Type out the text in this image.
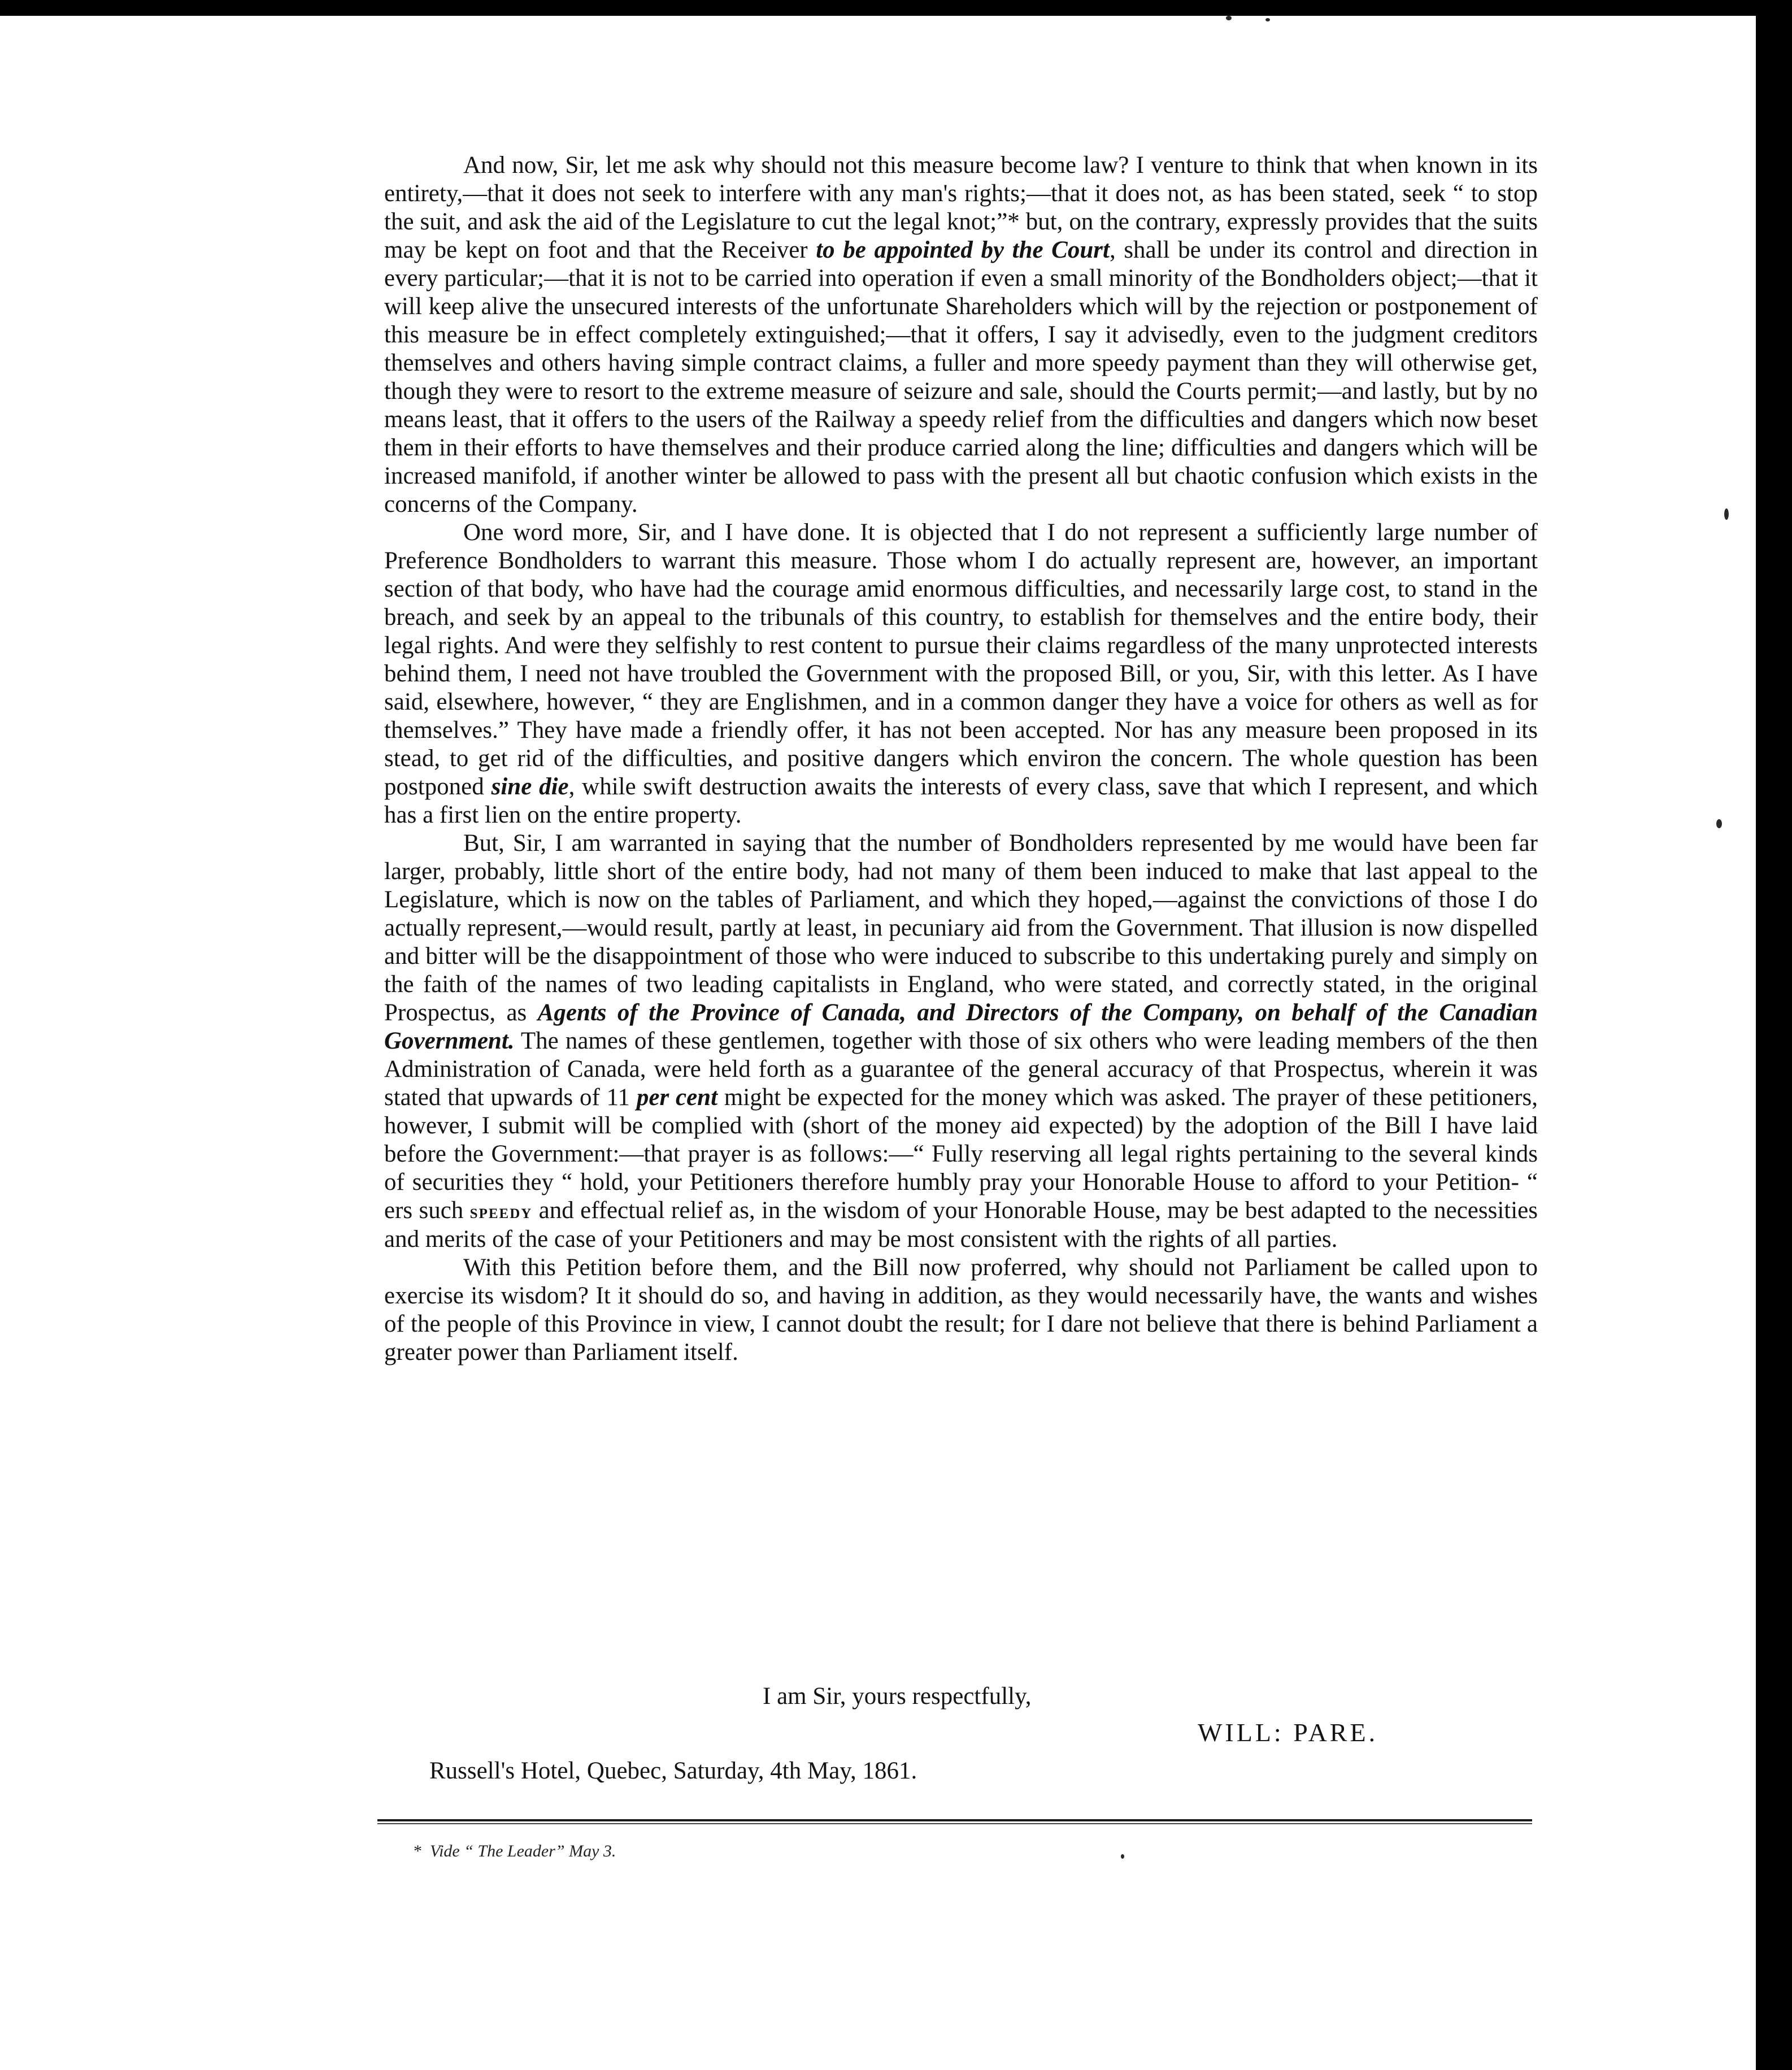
And now, Sir, let me ask why should not this measure become law? I venture to think that when known in its entirety,—that it does not seek to interfere with any man's rights;—that it does not, as has been stated, seek “ to stop the suit, and ask the aid of the Legislature to cut the legal knot;”* but, on the contrary, expressly provides that the suits may be kept on foot and that the Receiver to be appointed by the Court, shall be under its control and direction in every particular;—that it is not to be carried into operation if even a small minority of the Bondholders object;—that it will keep alive the unsecured interests of the unfortunate Shareholders which will by the rejection or postponement of this measure be in effect completely extinguished;—that it offers, I say it advisedly, even to the judgment creditors themselves and others having simple contract claims, a fuller and more speedy payment than they will otherwise get, though they were to resort to the extreme measure of seizure and sale, should the Courts permit;—and lastly, but by no means least, that it offers to the users of the Railway a speedy relief from the difficulties and dangers which now beset them in their efforts to have themselves and their produce carried along the line; difficulties and dangers which will be increased manifold, if another winter be allowed to pass with the present all but chaotic confusion which exists in the concerns of the Company.

One word more, Sir, and I have done. It is objected that I do not represent a sufficiently large number of Preference Bondholders to warrant this measure. Those whom I do actually represent are, however, an important section of that body, who have had the courage amid enormous difficulties, and necessarily large cost, to stand in the breach, and seek by an appeal to the tribunals of this country, to establish for themselves and the entire body, their legal rights. And were they selfishly to rest content to pursue their claims regardless of the many unprotected interests behind them, I need not have troubled the Government with the proposed Bill, or you, Sir, with this letter. As I have said, elsewhere, however, “ they are Englishmen, and in a common danger they have a voice for others as well as for themselves.” They have made a friendly offer, it has not been accepted. Nor has any measure been proposed in its stead, to get rid of the difficulties, and positive dangers which environ the concern. The whole question has been postponed sine die, while swift destruction awaits the interests of every class, save that which I represent, and which has a first lien on the entire property.

But, Sir, I am warranted in saying that the number of Bondholders represented by me would have been far larger, probably, little short of the entire body, had not many of them been induced to make that last appeal to the Legislature, which is now on the tables of Parliament, and which they hoped,—against the convictions of those I do actually represent,—would result, partly at least, in pecuniary aid from the Government. That illusion is now dispelled and bitter will be the disappointment of those who were induced to subscribe to this undertaking purely and simply on the faith of the names of two leading capitalists in England, who were stated, and correctly stated, in the original Prospectus, as Agents of the Province of Canada, and Directors of the Company, on behalf of the Canadian Government. The names of these gentlemen, together with those of six others who were leading members of the then Administration of Canada, were held forth as a guarantee of the general accuracy of that Prospectus, wherein it was stated that upwards of 11 per cent might be expected for the money which was asked. The prayer of these petitioners, however, I submit will be complied with (short of the money aid expected) by the adoption of the Bill I have laid before the Government:—that prayer is as follows:—“ Fully reserving all legal rights pertaining to the several kinds of securities they “ hold, your Petitioners therefore humbly pray your Honorable House to afford to your Petition- “ ers such speedy and effectual relief as, in the wisdom of your Honorable House, may be best adapted to the necessities and merits of the case of your Petitioners and may be most consistent with the rights of all parties.

With this Petition before them, and the Bill now proferred, why should not Parliament be called upon to exercise its wisdom? It it should do so, and having in addition, as they would necessarily have, the wants and wishes of the people of this Province in view, I cannot doubt the result; for I dare not believe that there is behind Parliament a greater power than Parliament itself.

I am Sir, yours respectfully,
WILL: PARE.
Russell's Hotel, Quebec, Saturday, 4th May, 1861.
* Vide “ The Leader” May 3.
